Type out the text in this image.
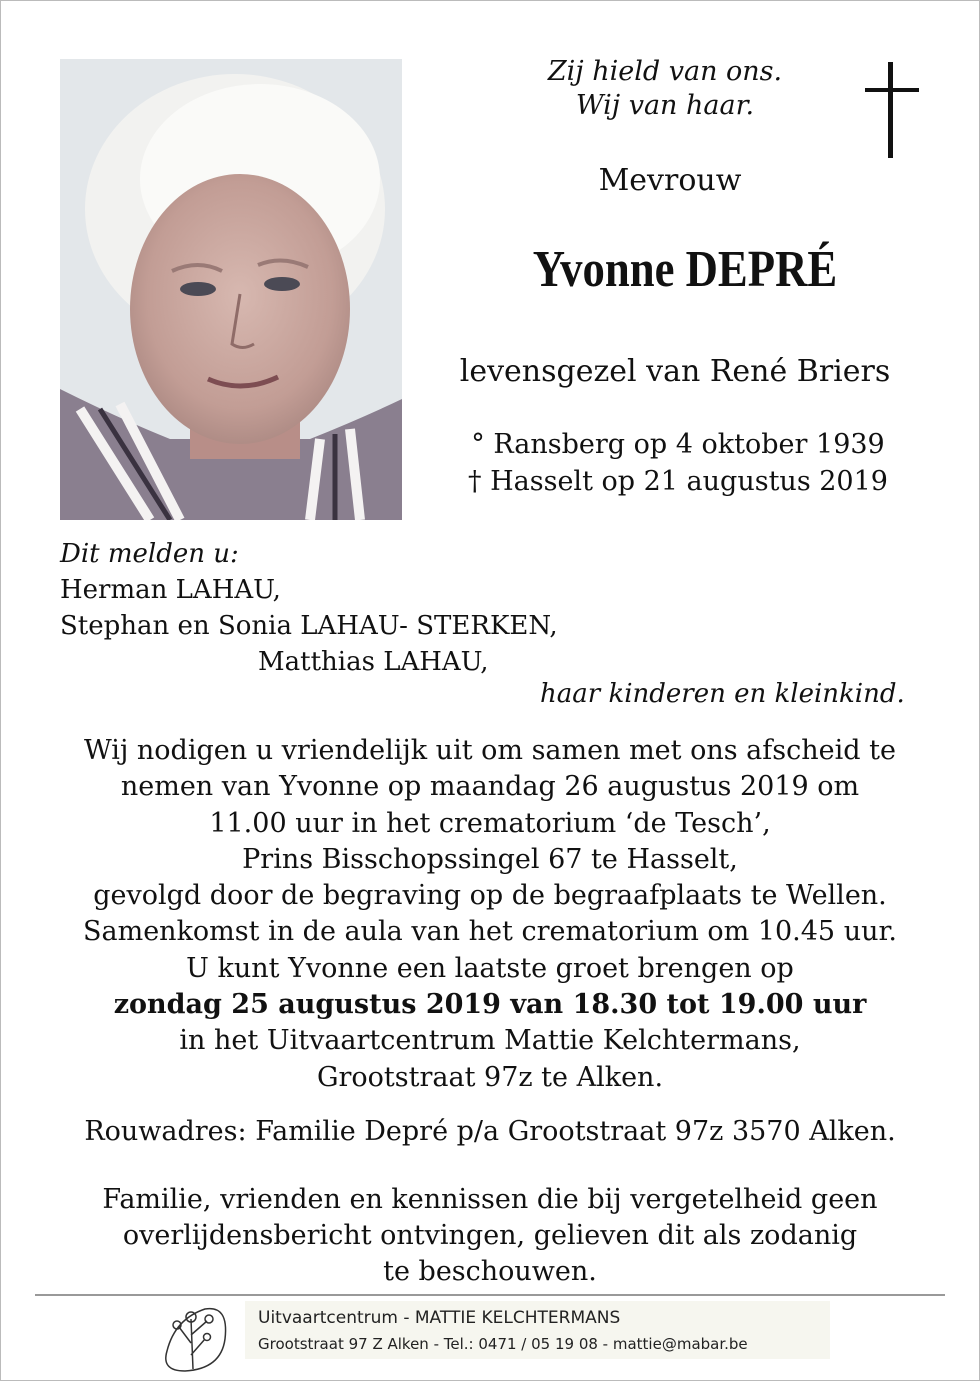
Zij hield van ons.
Wij van haar.
Mevrouw
Yvonne DEPRÉ
levensgezel van René Briers
° Ransberg op 4 oktober 1939
† Hasselt op 21 augustus 2019
Dit melden u:
Herman LAHAU,
Stephan en Sonia LAHAU- STERKEN,
Matthias LAHAU,
haar kinderen en kleinkind.
Wij nodigen u vriendelijk uit om samen met ons afscheid te
nemen van Yvonne op maandag 26 augustus 2019 om
11.00 uur in het crematorium ‘de Tesch’,
Prins Bisschopssingel 67 te Hasselt,
gevolgd door de begraving op de begraafplaats te Wellen.
Samenkomst in de aula van het crematorium om 10.45 uur.
U kunt Yvonne een laatste groet brengen op
zondag 25 augustus 2019 van 18.30 tot 19.00 uur
in het Uitvaartcentrum Mattie Kelchtermans,
Grootstraat 97z te Alken.
Rouwadres: Familie Depré p/a Grootstraat 97z 3570 Alken.
Familie, vrienden en kennissen die bij vergetelheid geen
overlijdensbericht ontvingen, gelieven dit als zodanig
te beschouwen.
Uitvaartcentrum - MATTIE KELCHTERMANS
Grootstraat 97 Z Alken - Tel.: 0471 / 05 19 08 - mattie@mabar.be
